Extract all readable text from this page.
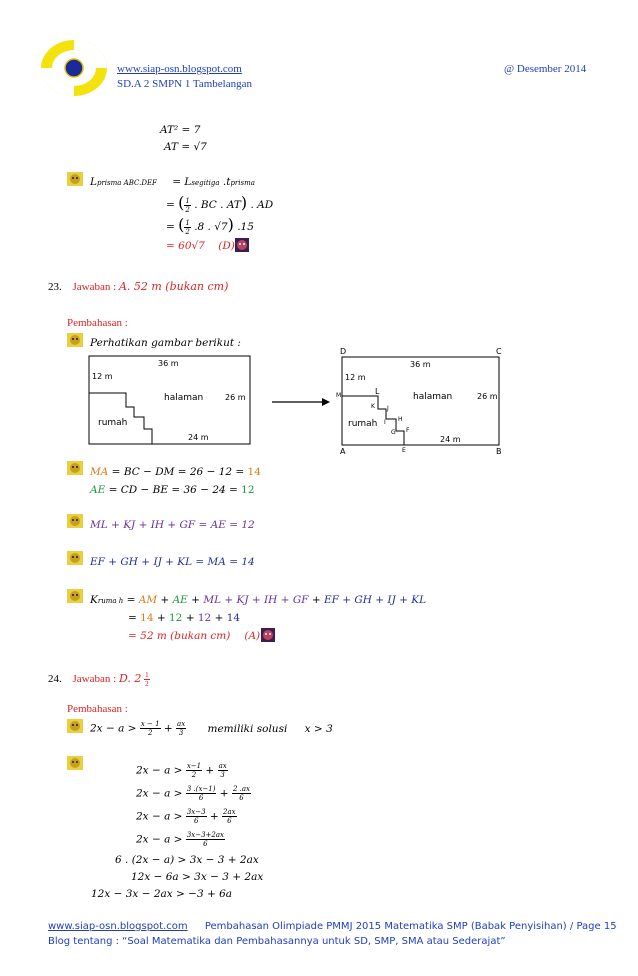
www.siap-osn.blogspot.com	@ Desember 2014
SD.A 2 SMPN 1 Tambelangan
AT² = 7
AT = √7
Lprisma ABC.DEF = Lsegitiga .tprisma
= ( $\frac{1}{2}$ . BC . AT) . AD
= ( $\frac{1}{2} .8$ . √7) .15
= 60√7 (D)
23. Jawaban : A. 52 m (bukan cm)
Pembahasan :
Perhatikan gambar berikut :
36 m
12 m
halaman	26 m
rumah
24 m
D	C
36 m
12 m
M	L
K J
I H
G F
halaman	26 m
rumah
24 m
A	E	B
MA = BC − DM = 26 − 12 = 14
AE = CD − BE = 36 − 24 = 12
ML + KJ + IH + GF = AE = 12
EF + GH + IJ + KL = MA = 14
Kruma h = AM + AE + ML + KJ + IH + GF + EF + GH + IJ + KL
= 14 + 12 + 12 + 14
= 52 m (bukan cm) (A)
24. Jawaban : D. $2 \frac{1}{2}$
Pembahasan :
$2x - a > \frac{x - 1}{2} + \frac{ax}{3}$ memiliki solusi x > 3
$2x - a > \frac{x-1}{2} + \frac{ax}{3}$
$2x - a > \frac{3 .(x-1)}{6} + \frac{2 .ax}{6}$
$2x - a > \frac{3x-3}{6} + \frac{2ax}{6}$
$2x - a > \frac{3x-3+2ax}{6}$
6 . (2x − a) > 3x − 3 + 2ax
12x − 6a > 3x − 3 + 2ax
12x − 3x − 2ax > −3 + 6a
www.siap-osn.blogspot.com Pembahasan Olimpiade PMMJ 2015 Matematika SMP (Babak Penyisihan) / Page 15
Blog tentang : “Soal Matematika dan Pembahasannya untuk SD, SMP, SMA atau Sederajat”
